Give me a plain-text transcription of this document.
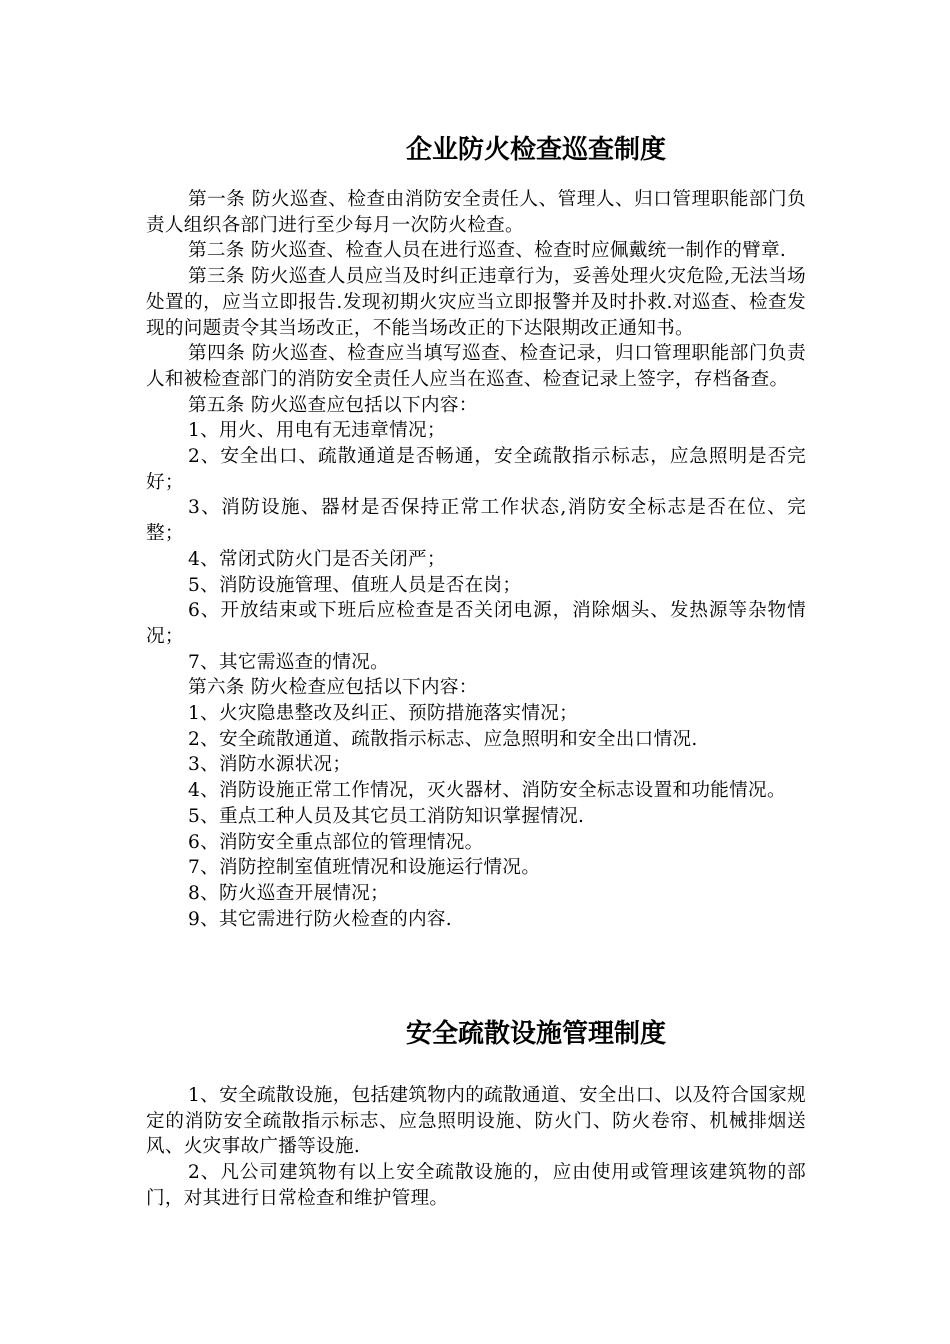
企业防火检查巡查制度

第一条 防火巡查、检查由消防安全责任人、管理人、归口管理职能部门负责人组织各部门进行至少每月一次防火检查。

第二条 防火巡查、检查人员在进行巡查、检查时应佩戴统一制作的臂章.

第三条 防火巡查人员应当及时纠正违章行为，妥善处理火灾危险,无法当场处置的，应当立即报告.发现初期火灾应当立即报警并及时扑救.对巡查、检查发现的问题责令其当场改正，不能当场改正的下达限期改正通知书。

第四条 防火巡查、检查应当填写巡查、检查记录，归口管理职能部门负责人和被检查部门的消防安全责任人应当在巡查、检查记录上签字，存档备查。

第五条 防火巡查应包括以下内容：

1、用火、用电有无违章情况；

2、安全出口、疏散通道是否畅通，安全疏散指示标志，应急照明是否完好；

3、消防设施、器材是否保持正常工作状态,消防安全标志是否在位、完整；

4、常闭式防火门是否关闭严；

5、消防设施管理、值班人员是否在岗；

6、开放结束或下班后应检查是否关闭电源，消除烟头、发热源等杂物情况；

7、其它需巡查的情况。

第六条 防火检查应包括以下内容：

1、火灾隐患整改及纠正、预防措施落实情况；

2、安全疏散通道、疏散指示标志、应急照明和安全出口情况.

3、消防水源状况；

4、消防设施正常工作情况，灭火器材、消防安全标志设置和功能情况。

5、重点工种人员及其它员工消防知识掌握情况.

6、消防安全重点部位的管理情况。

7、消防控制室值班情况和设施运行情况。

8、防火巡查开展情况；

9、其它需进行防火检查的内容.

安全疏散设施管理制度

1、安全疏散设施，包括建筑物内的疏散通道、安全出口、以及符合国家规定的消防安全疏散指示标志、应急照明设施、防火门、防火卷帘、机械排烟送风、火灾事故广播等设施.

2、凡公司建筑物有以上安全疏散设施的，应由使用或管理该建筑物的部门，对其进行日常检查和维护管理。
